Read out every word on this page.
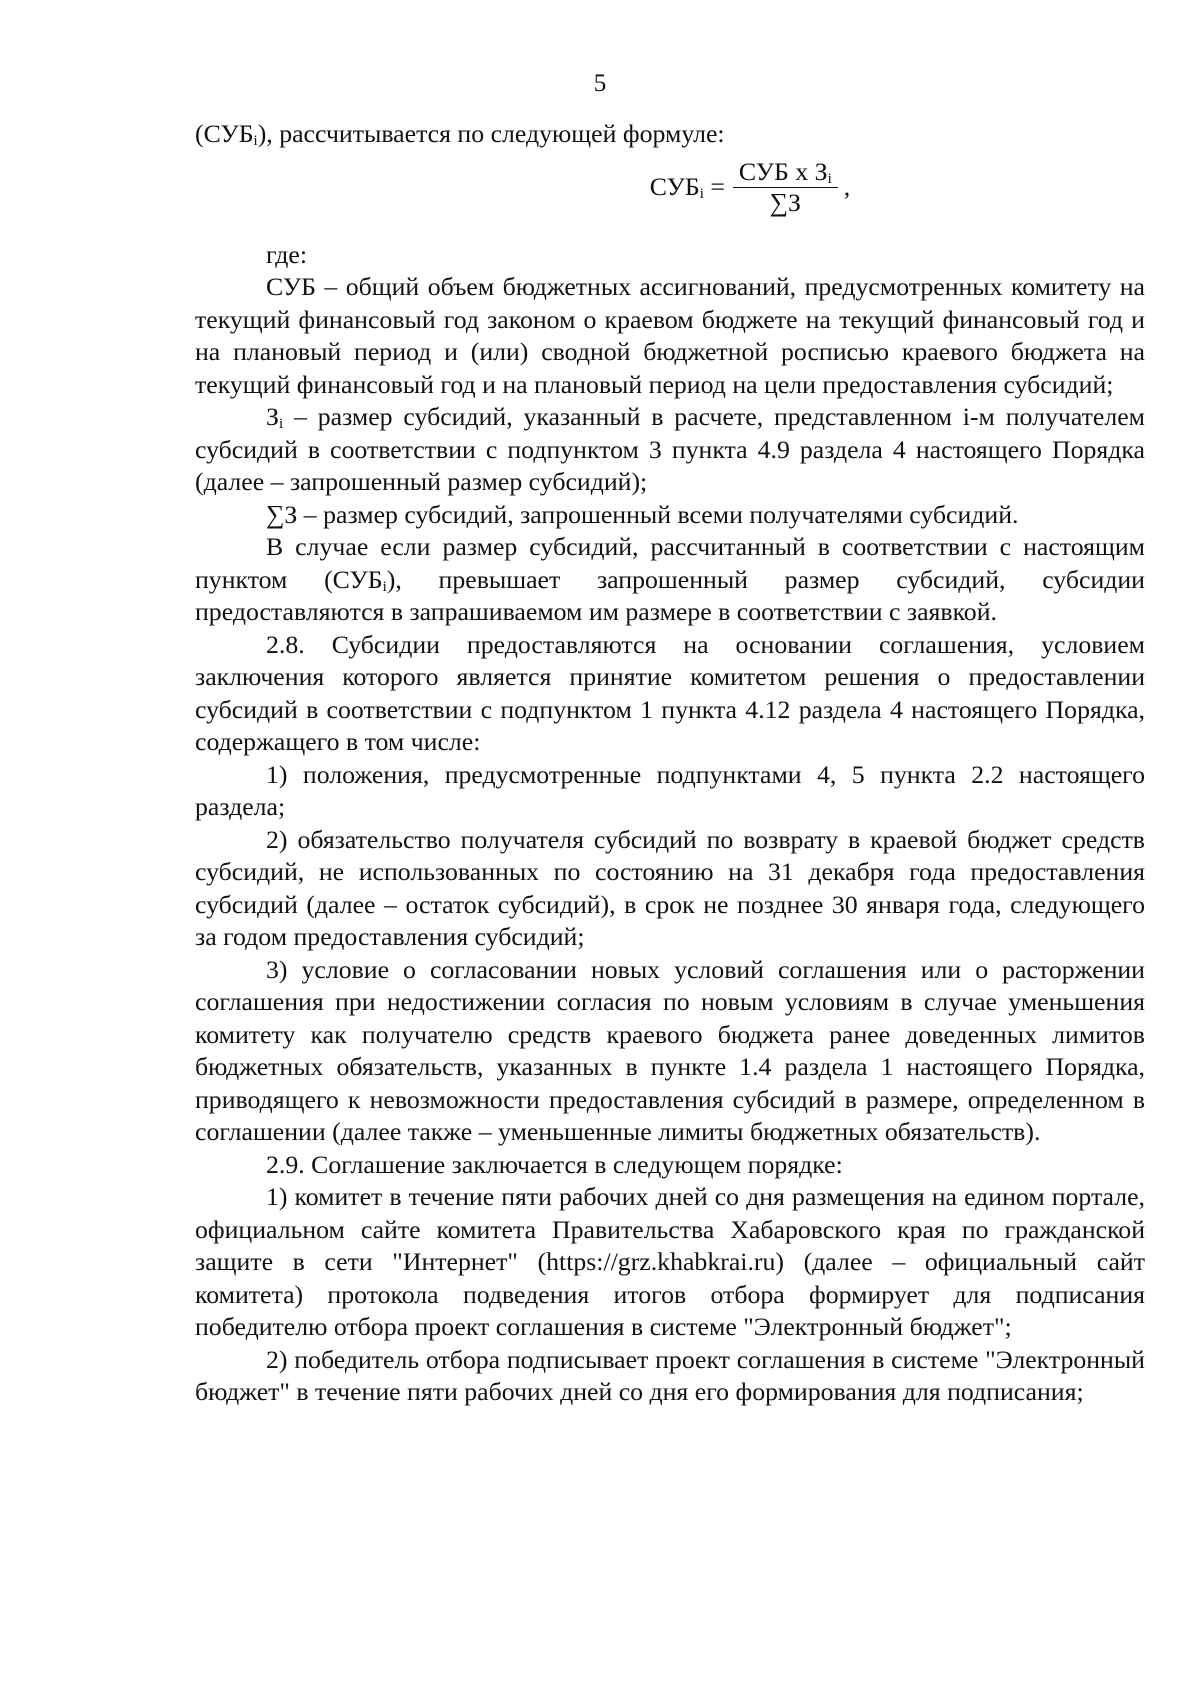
5

$(СУБ_i)$, рассчитывается по следующей формуле:

$СУБ_i = \frac{СУБ х З_i}{\sum З}$ ,

где:

СУБ – общий объем бюджетных ассигнований, предусмотренных комитету на текущий финансовый год законом о краевом бюджете на текущий финансовый год и на плановый период и (или) сводной бюджетной росписью краевого бюджета на текущий финансовый год и на плановый период на цели предоставления субсидий;

$З_i$ – размер субсидий, указанный в расчете, представленном i-м получателем субсидий в соответствии с подпунктом 3 пункта 4.9 раздела 4 настоящего Порядка (далее – запрошенный размер субсидий);

∑З – размер субсидий, запрошенный всеми получателями субсидий.

В случае если размер субсидий, рассчитанный в соответствии с настоящим пунктом $(СУБ_i)$, превышает запрошенный размер субсидий, субсидии предоставляются в запрашиваемом им размере в соответствии с заявкой.

2.8. Субсидии предоставляются на основании соглашения, условием заключения которого является принятие комитетом решения о предоставлении субсидий в соответствии с подпунктом 1 пункта 4.12 раздела 4 настоящего Порядка, содержащего в том числе:

1) положения, предусмотренные подпунктами 4, 5 пункта 2.2 настоящего раздела;

2) обязательство получателя субсидий по возврату в краевой бюджет средств субсидий, не использованных по состоянию на 31 декабря года предоставления субсидий (далее – остаток субсидий), в срок не позднее 30 января года, следующего за годом предоставления субсидий;

3) условие о согласовании новых условий соглашения или о расторжении соглашения при недостижении согласия по новым условиям в случае уменьшения комитету как получателю средств краевого бюджета ранее доведенных лимитов бюджетных обязательств, указанных в пункте 1.4 раздела 1 настоящего Порядка, приводящего к невозможности предоставления субсидий в размере, определенном в соглашении (далее также – уменьшенные лимиты бюджетных обязательств).

2.9. Соглашение заключается в следующем порядке:

1) комитет в течение пяти рабочих дней со дня размещения на едином портале, официальном сайте комитета Правительства Хабаровского края по гражданской защите в сети "Интернет" (https://grz.khabkrai.ru) (далее – официальный сайт комитета) протокола подведения итогов отбора формирует для подписания победителю отбора проект соглашения в системе "Электронный бюджет";

2) победитель отбора подписывает проект соглашения в системе "Электронный бюджет" в течение пяти рабочих дней со дня его формирования для подписания;
